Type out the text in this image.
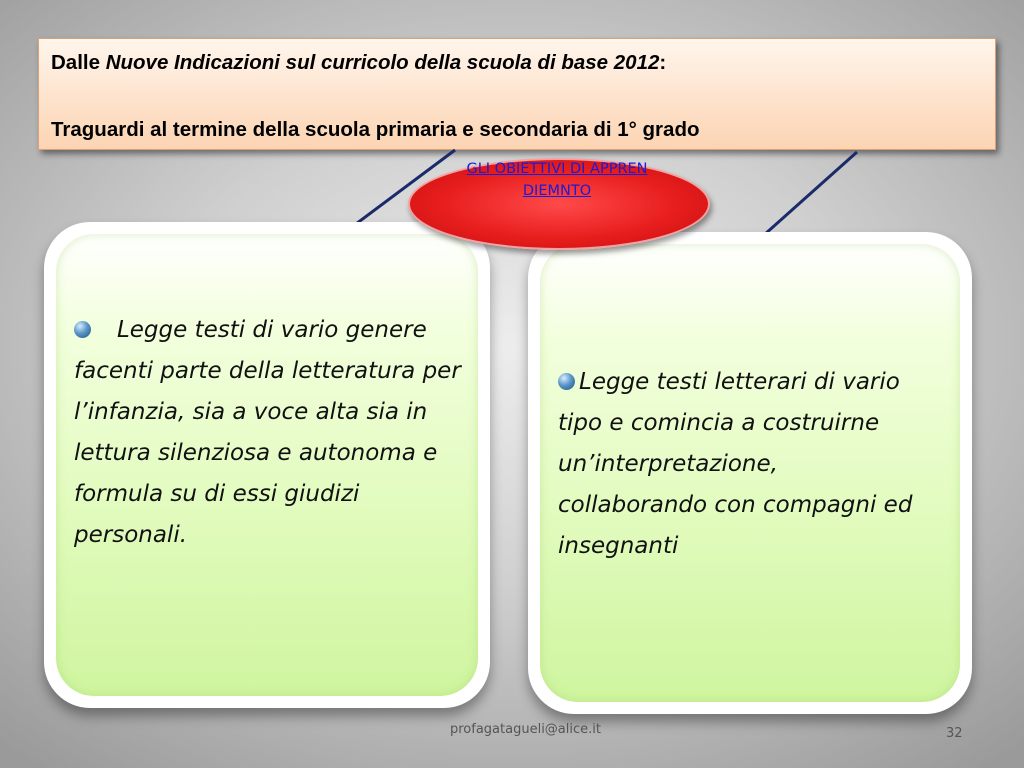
Dalle Nuove Indicazioni sul curricolo della scuola di base 2012:
Traguardi al termine della scuola primaria e secondaria di 1° grado

Legge testi di vario genere facenti parte della letteratura per l’infanzia, sia a voce alta sia in lettura silenziosa e autonoma e formula su di essi giudizi personali.

Legge testi letterari di vario tipo e comincia a costruirne un’interpretazione, collaborando con compagni ed insegnanti

GLI OBIETTIVI DI APPRENDIEMNTO
profagatagueli@alice.it	32
